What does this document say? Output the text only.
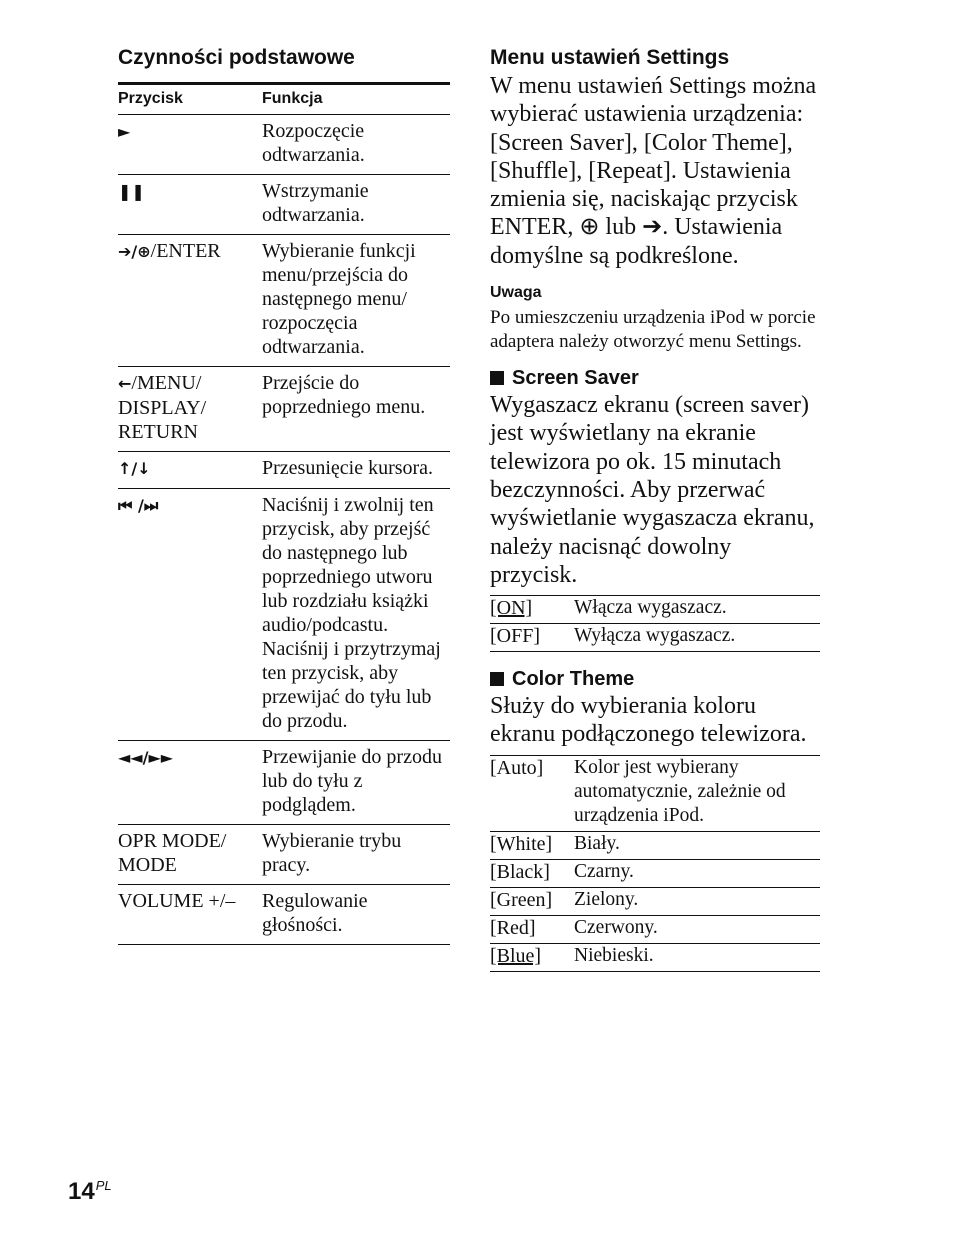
Czynności podstawowe
Przycisk	Funkcja
►	Rozpoczęcie odtwarzania.
❚❚	Wstrzymanie odtwarzania.
➔/⊕/ENTER	Wybieranie funkcji menu/przejścia do następnego menu/ rozpoczęcia odtwarzania.
←/MENU/ DISPLAY/ RETURN	Przejście do poprzedniego menu.
↑/↓	Przesunięcie kursora.
⏮ /⏭	Naciśnij i zwolnij ten przycisk, aby przejść do następnego lub poprzedniego utworu lub rozdziału książki audio/podcastu. Naciśnij i przytrzymaj ten przycisk, aby przewijać do tyłu lub do przodu.
◄◄/►►	Przewijanie do przodu lub do tyłu z podglądem.
OPR MODE/ MODE	Wybieranie trybu pracy.
VOLUME +/–	Regulowanie głośności.
Menu ustawień Settings

W menu ustawień Settings można wybierać ustawienia urządzenia: [Screen Saver], [Color Theme], [Shuffle], [Repeat]. Ustawienia zmienia się, naciskając przycisk ENTER, ⊕ lub ➔. Ustawienia domyślne są podkreślone.

Uwaga

Po umieszczeniu urządzenia iPod w porcie adaptera należy otworzyć menu Settings.

Screen Saver

Wygaszacz ekranu (screen saver) jest wyświetlany na ekranie telewizora po ok. 15 minutach bezczynności. Aby przerwać wyświetlanie wygaszacza ekranu, należy nacisnąć dowolny przycisk.

[ON]	Włącza wygaszacz.
[OFF]	Wyłącza wygaszacz.
Color Theme

Służy do wybierania koloru ekranu podłączonego telewizora.

[Auto]	Kolor jest wybierany automatycznie, zależnie od urządzenia iPod.
[White]	Biały.
[Black]	Czarny.
[Green]	Zielony.
[Red]	Czerwony.
[Blue]	Niebieski.
$14^{PL}$
